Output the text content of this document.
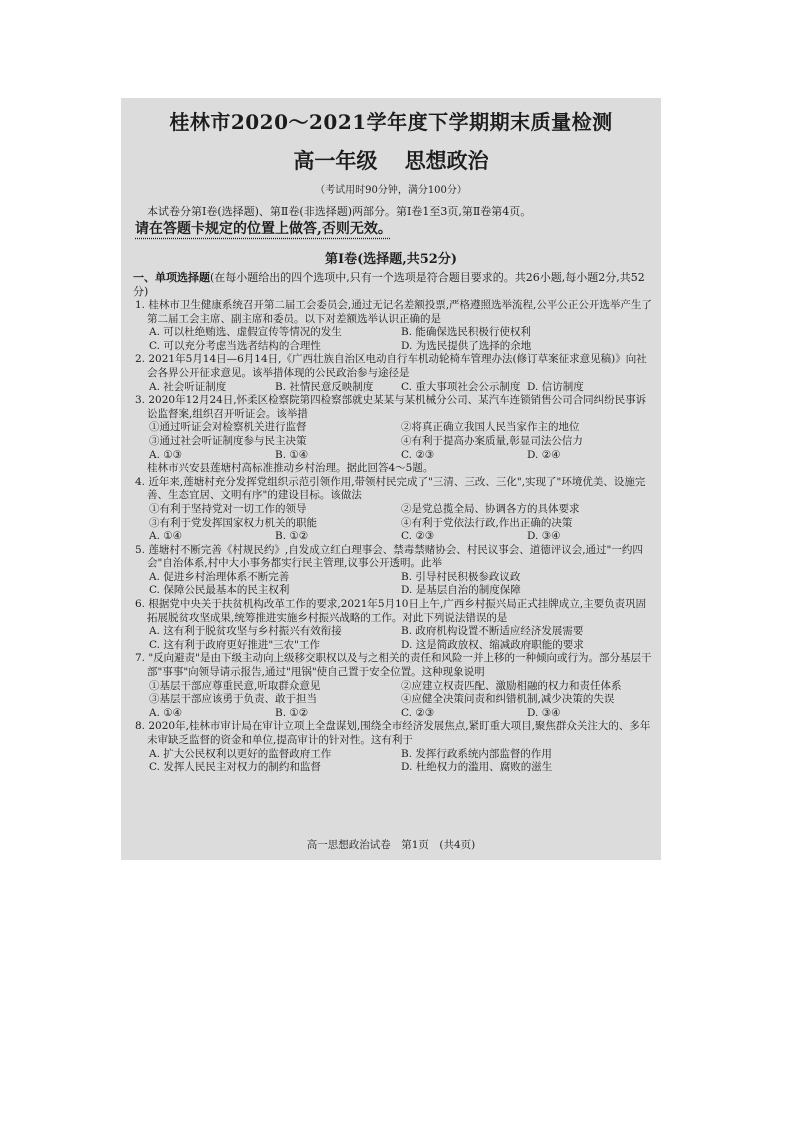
桂林市2020～2021学年度下学期期末质量检测
高一年级 思想政治
（考试用时90分钟，满分100分）
本试卷分第Ⅰ卷(选择题)、第Ⅱ卷(非选择题)两部分。第Ⅰ卷1至3页,第Ⅱ卷第4页。
请在答题卡规定的位置上做答,否则无效。
第Ⅰ卷(选择题,共52分)
一、单项选择题(在每小题给出的四个选项中,只有一个选项是符合题目要求的。共26小题,每小题2分,共52分)
1. 桂林市卫生健康系统召开第二届工会委员会,通过无记名差额投票,严格遵照选举流程,公平公正公开选举产生了第二届工会主席、副主席和委员。以下对差额选举认识正确的是
A. 可以杜绝贿选、虚假宣传等情况的发生	B. 能确保选民积极行使权利
C. 可以充分考虑当选者结构的合理性	D. 为选民提供了选择的余地
2. 2021年5月14日—6月14日,《广西壮族自治区电动自行车机动轮椅车管理办法(修订草案征求意见稿)》向社会各界公开征求意见。该举措体现的公民政治参与途径是
A. 社会听证制度	B. 社情民意反映制度	C. 重大事项社会公示制度 D. 信访制度
3. 2020年12月24日,怀柔区检察院第四检察部就史某某与某机械分公司、某汽车连锁销售公司合同纠纷民事诉讼监督案,组织召开听证会。该举措
①通过听证会对检察机关进行监督	②将真正确立我国人民当家作主的地位
③通过社会听证制度参与民主决策	④有利于提高办案质量,彰显司法公信力
A. ①③	B. ①④	C. ②③	D. ②④
桂林市兴安县莲塘村高标准推动乡村治理。据此回答4～5题。
4. 近年来,莲塘村充分发挥党组织示范引领作用,带领村民完成了"三清、三改、三化",实现了"环境优美、设施完善、生态宜居、文明有序"的建设目标。该做法
①有利于坚持党对一切工作的领导	②是党总揽全局、协调各方的具体要求
③有利于党发挥国家权力机关的职能	④有利于党依法行政,作出正确的决策
A. ①④	B. ①②	C. ②③	D. ③④
5. 莲塘村不断完善《村规民约》,自发成立红白理事会、禁毒禁赌协会、村民议事会、道德评议会,通过"一约四会"自治体系,村中大小事务都实行民主管理,议事公开透明。此举
A. 促进乡村治理体系不断完善	B. 引导村民积极参政议政
C. 保障公民最基本的民主权利	D. 是基层自治的制度保障
6. 根据党中央关于扶贫机构改革工作的要求,2021年5月10日上午,广西乡村振兴局正式挂牌成立,主要负责巩固拓展脱贫攻坚成果,统筹推进实施乡村振兴战略的工作。对此下列说法错误的是
A. 这有利于脱贫攻坚与乡村振兴有效衔接	B. 政府机构设置不断适应经济发展需要
C. 这有利于政府更好推进"三农"工作	D. 这是简政放权、缩减政府职能的要求
7. "反向避责"是由下级主动向上级移交职权以及与之相关的责任和风险一并上移的一种倾向或行为。部分基层干部"事事"向领导请示报告,通过"甩锅"使自己置于安全位置。这种现象说明
①基层干部应尊重民意,听取群众意见	②应建立权责匹配、激励相融的权力和责任体系
③基层干部应该勇于负责、敢于担当	④应健全决策问责和纠错机制,减少决策的失误
A. ①④	B. ①②	C. ②③	D. ③④
8. 2020年,桂林市审计局在审计立项上全盘谋划,围绕全市经济发展焦点,紧盯重大项目,聚焦群众关注大的、多年未审缺乏监督的资金和单位,提高审计的针对性。这有利于
A. 扩大公民权利以更好的监督政府工作	B. 发挥行政系统内部监督的作用
C. 发挥人民民主对权力的制约和监督	D. 杜绝权力的滥用、腐败的滋生
高一思想政治试卷　第1页　(共4页)
